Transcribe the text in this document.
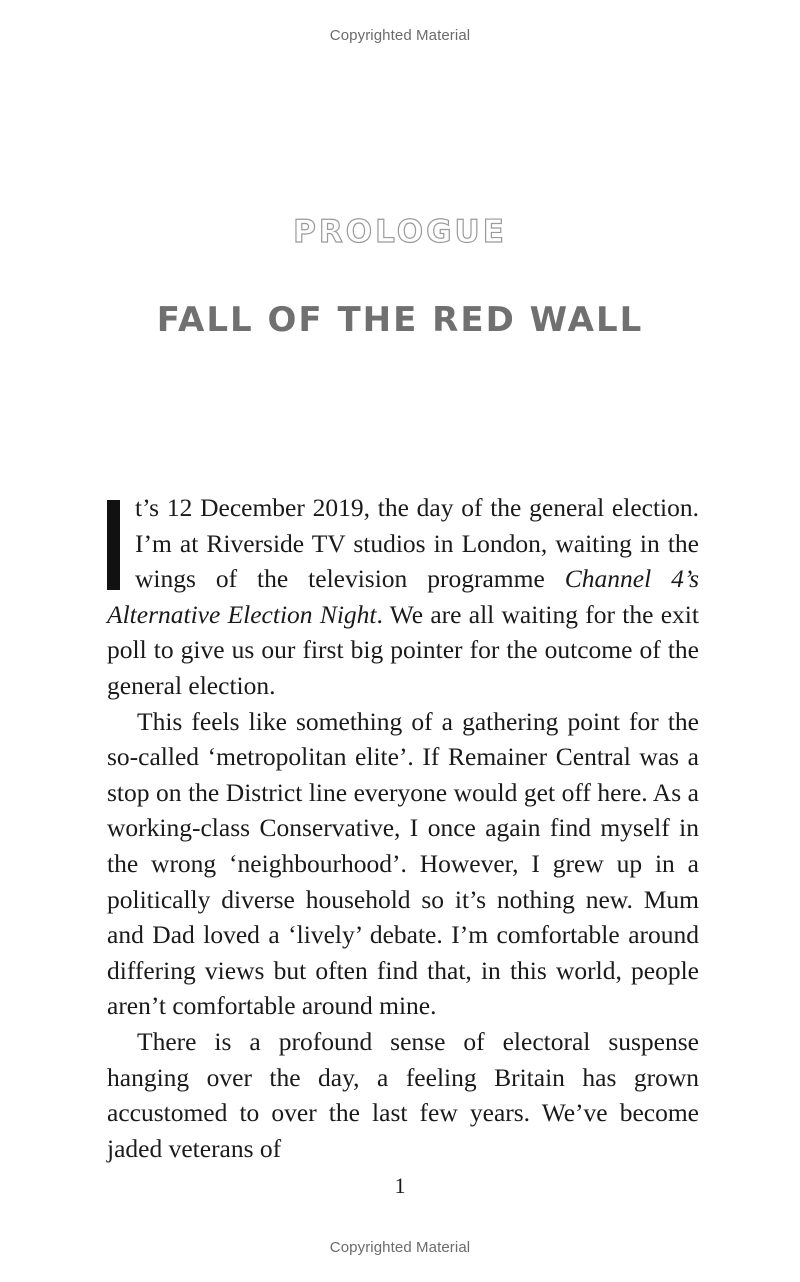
Copyrighted Material
PROLOGUE
FALL OF THE RED WALL

t’s 12 December 2019, the day of the general election. I’m at Riverside TV studios in London, waiting in the wings of the television programme Channel 4’s Alternative Election Night. We are all waiting for the exit poll to give us our first big pointer for the outcome of the general election.

This feels like something of a gathering point for the so-called ‘metropolitan elite’. If Remainer Central was a stop on the District line everyone would get off here. As a working-class Conservative, I once again find myself in the wrong ‘neighbourhood’. However, I grew up in a politically diverse household so it’s nothing new. Mum and Dad loved a ‘lively’ debate. I’m comfortable around differing views but often find that, in this world, people aren’t comfortable around mine.

There is a profound sense of electoral suspense hanging over the day, a feeling Britain has grown accustomed to over the last few years. We’ve become jaded veterans of

1
Copyrighted Material
